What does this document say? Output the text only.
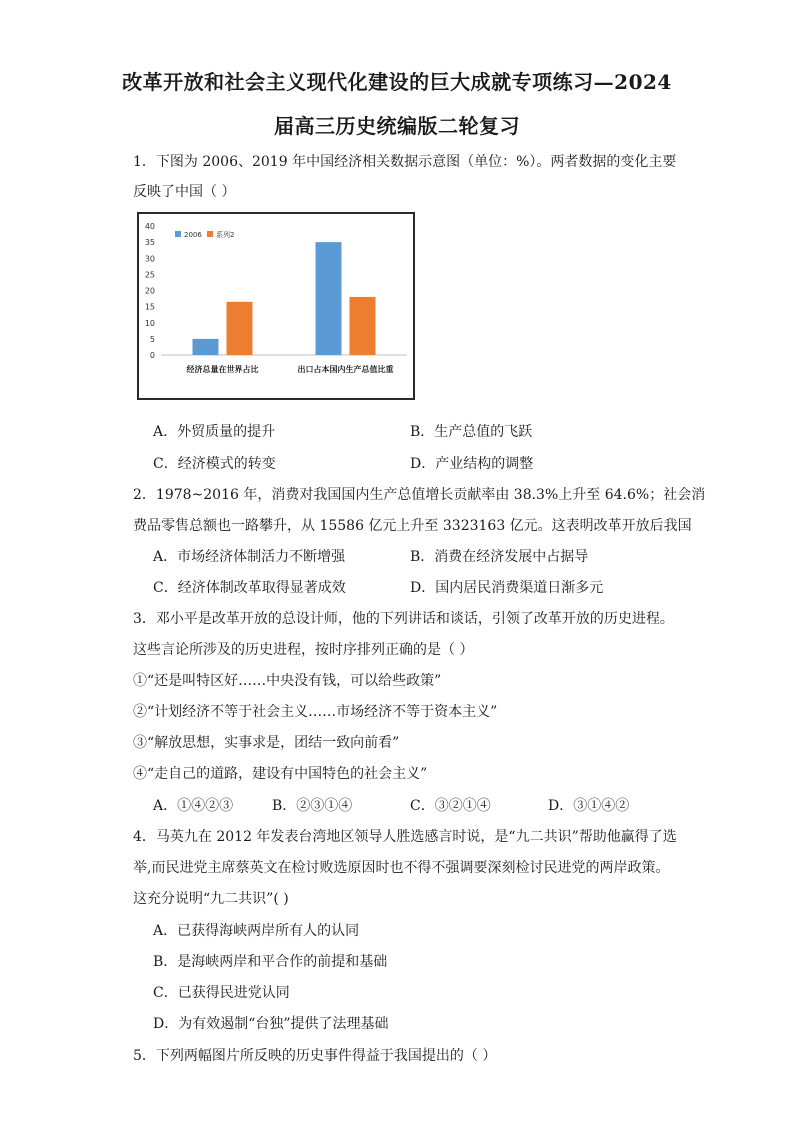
改革开放和社会主义现代化建设的巨大成就专项练习—2024
届高三历史统编版二轮复习
1．下图为 2006、2019 年中国经济相关数据示意图（单位：%）。两者数据的变化主要
反映了中国（ ）
0
5
10
15
20
25
30
35
40
经济总量在世界占比	出口占本国内生产总值比重
2006 系列2
A．外贸质量的提升	B．生产总值的飞跃
C．经济模式的转变	D．产业结构的调整
2．1978~2016 年，消费对我国国内生产总值增长贡献率由 38.3%上升至 64.6%；社会消
费品零售总额也一路攀升，从 15586 亿元上升至 3323163 亿元。这表明改革开放后我国
A．市场经济体制活力不断增强	B．消费在经济发展中占据导
C．经济体制改革取得显著成效	D．国内居民消费渠道日渐多元
3．邓小平是改革开放的总设计师，他的下列讲话和谈话，引领了改革开放的历史进程。
这些言论所涉及的历史进程，按时序排列正确的是（ ）
①“还是叫特区好……中央没有钱，可以给些政策”
②“计划经济不等于社会主义……市场经济不等于资本主义”
③“解放思想，实事求是，团结一致向前看”
④“走自己的道路，建设有中国特色的社会主义”
A．①④②③	B．②③①④	C．③②①④	D．③①④②
4．马英九在 2012 年发表台湾地区领导人胜选感言时说，是“九二共识”帮助他赢得了选
举,而民进党主席蔡英文在检讨败选原因时也不得不强调要深刻检讨民进党的两岸政策。
这充分说明“九二共识”( )
A．已获得海峡两岸所有人的认同
B．是海峡两岸和平合作的前提和基础
C．已获得民进党认同
D．为有效遏制“台独”提供了法理基础
5．下列两幅图片所反映的历史事件得益于我国提出的（ ）
